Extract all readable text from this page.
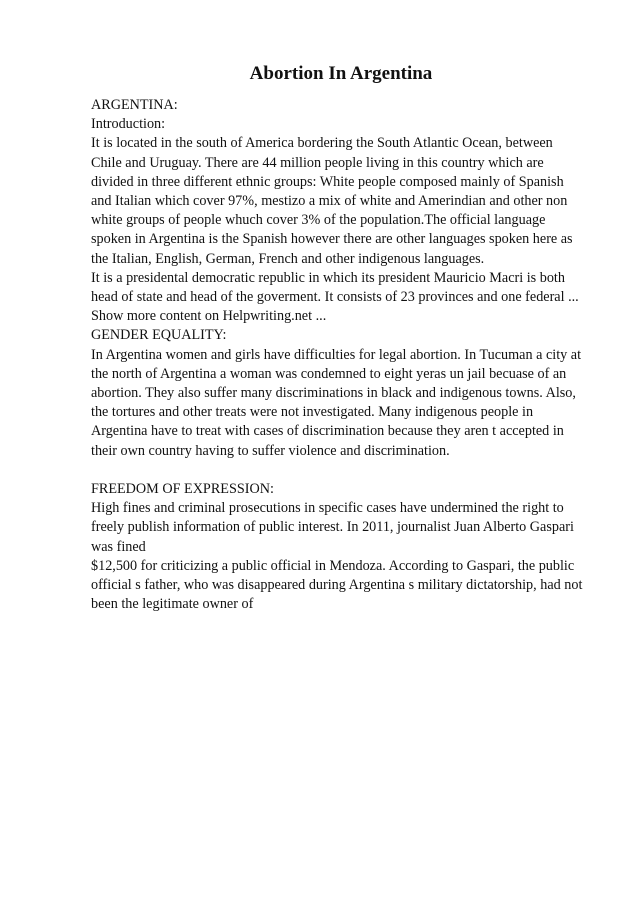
Abortion In Argentina
ARGENTINA:
Introduction:
It is located in the south of America bordering the South Atlantic Ocean, between
Chile and Uruguay. There are 44 million people living in this country which are
divided in three different ethnic groups: White people composed mainly of Spanish
and Italian which cover 97%, mestizo a mix of white and Amerindian and other non
white groups of people whuch cover 3% of the population.The official language
spoken in Argentina is the Spanish however there are other languages spoken here as
the Italian, English, German, French and other indigenous languages.
It is a presidental democratic republic in which its president Mauricio Macri is both
head of state and head of the goverment. It consists of 23 provinces and one federal ...
Show more content on Helpwriting.net ...
GENDER EQUALITY:
In Argentina women and girls have difficulties for legal abortion. In Tucuman a city at
the north of Argentina a woman was condemned to eight yeras un jail becuase of an
abortion. They also suffer many discriminations in black and indigenous towns. Also,
the tortures and other treats were not investigated. Many indigenous people in
Argentina have to treat with cases of discrimination because they aren t accepted in
their own country having to suffer violence and discrimination.
FREEDOM OF EXPRESSION:
High fines and criminal prosecutions in specific cases have undermined the right to
freely publish information of public interest. In 2011, journalist Juan Alberto Gaspari
was fined
$12,500 for criticizing a public official in Mendoza. According to Gaspari, the public
official s father, who was disappeared during Argentina s military dictatorship, had not
been the legitimate owner of
